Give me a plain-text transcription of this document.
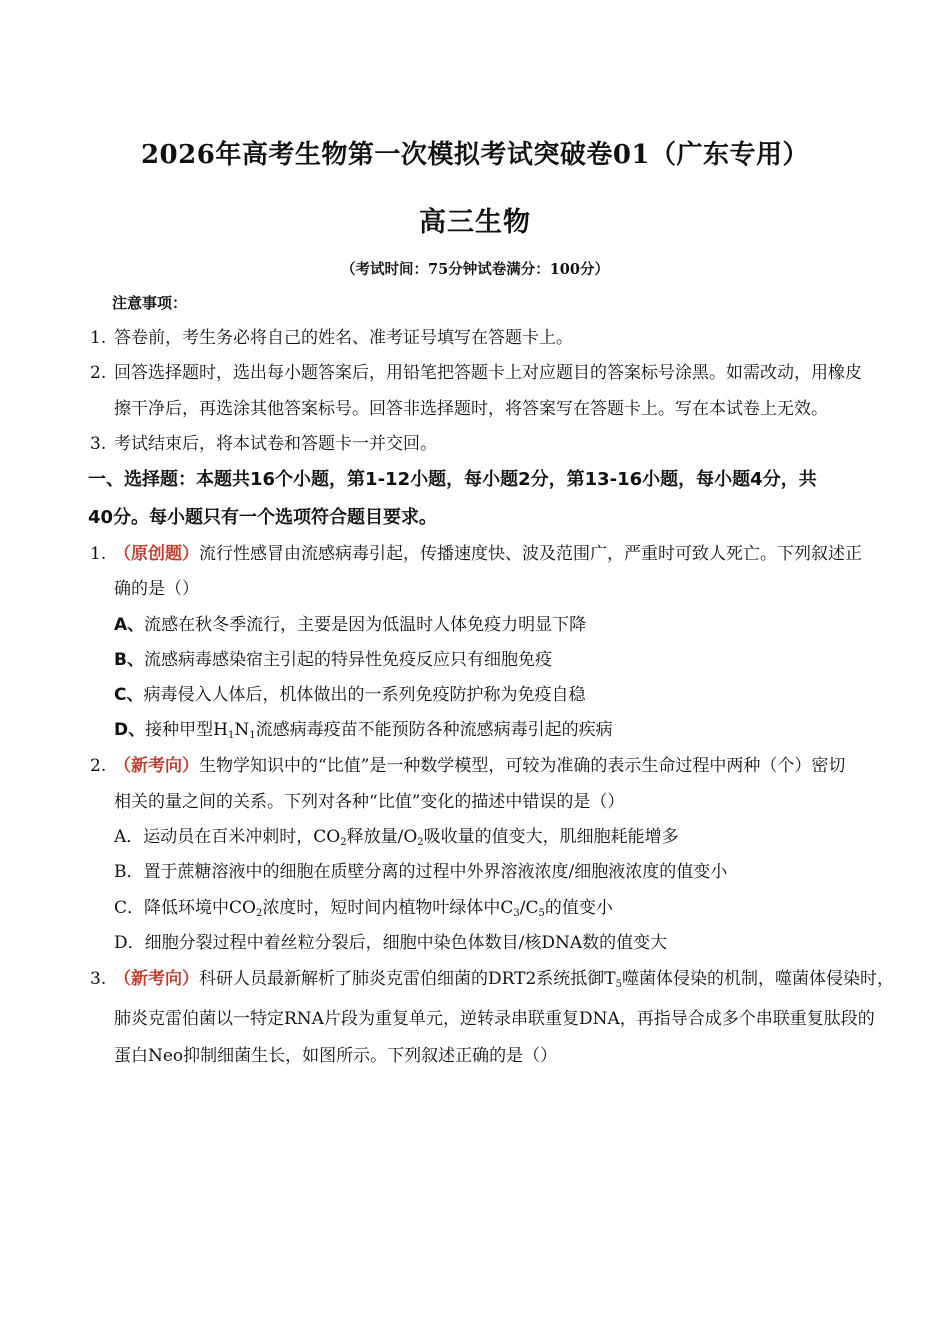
2026年高考生物第一次模拟考试突破卷01（广东专用）
高三生物
（考试时间：75分钟试卷满分：100分）
注意事项：
1. 答卷前，考生务必将自己的姓名、准考证号填写在答题卡上。
2. 回答选择题时，选出每小题答案后，用铅笔把答题卡上对应题目的答案标号涂黑。如需改动，用橡皮
擦干净后，再选涂其他答案标号。回答非选择题时，将答案写在答题卡上。写在本试卷上无效。
3. 考试结束后，将本试卷和答题卡一并交回。
一、选择题：本题共16个小题，第1-12小题，每小题2分，第13-16小题，每小题4分，共
40分。每小题只有一个选项符合题目要求。
1. （原创题）流行性感冒由流感病毒引起，传播速度快、波及范围广，严重时可致人死亡。下列叙述正
确的是（）
A、流感在秋冬季流行，主要是因为低温时人体免疫力明显下降
B、流感病毒感染宿主引起的特异性免疫反应只有细胞免疫
C、病毒侵入人体后，机体做出的一系列免疫防护称为免疫自稳
D、接种甲型$H_1N_1$流感病毒疫苗不能预防各种流感病毒引起的疾病
2. （新考向）生物学知识中的“比值”是一种数学模型，可较为准确的表示生命过程中两种（个）密切
相关的量之间的关系。下列对各种“比值”变化的描述中错误的是（）
A．运动员在百米冲刺时，$CO_2$释放量$/O_2$吸收量的值变大，肌细胞耗能增多
B．置于蔗糖溶液中的细胞在质壁分离的过程中外界溶液浓度/细胞液浓度的值变小
C．降低环境中$CO_2$浓度时，短时间内植物叶绿体中$C_3/C_5$的值变小
D．细胞分裂过程中着丝粒分裂后，细胞中染色体数目/核DNA数的值变大
3. （新考向）科研人员最新解析了肺炎克雷伯细菌的DRT2系统抵御$T_5$噬菌体侵染的机制，噬菌体侵染时，
肺炎克雷伯菌以一特定RNA片段为重复单元，逆转录串联重复DNA，再指导合成多个串联重复肽段的
蛋白Neo抑制细菌生长，如图所示。下列叙述正确的是（）
